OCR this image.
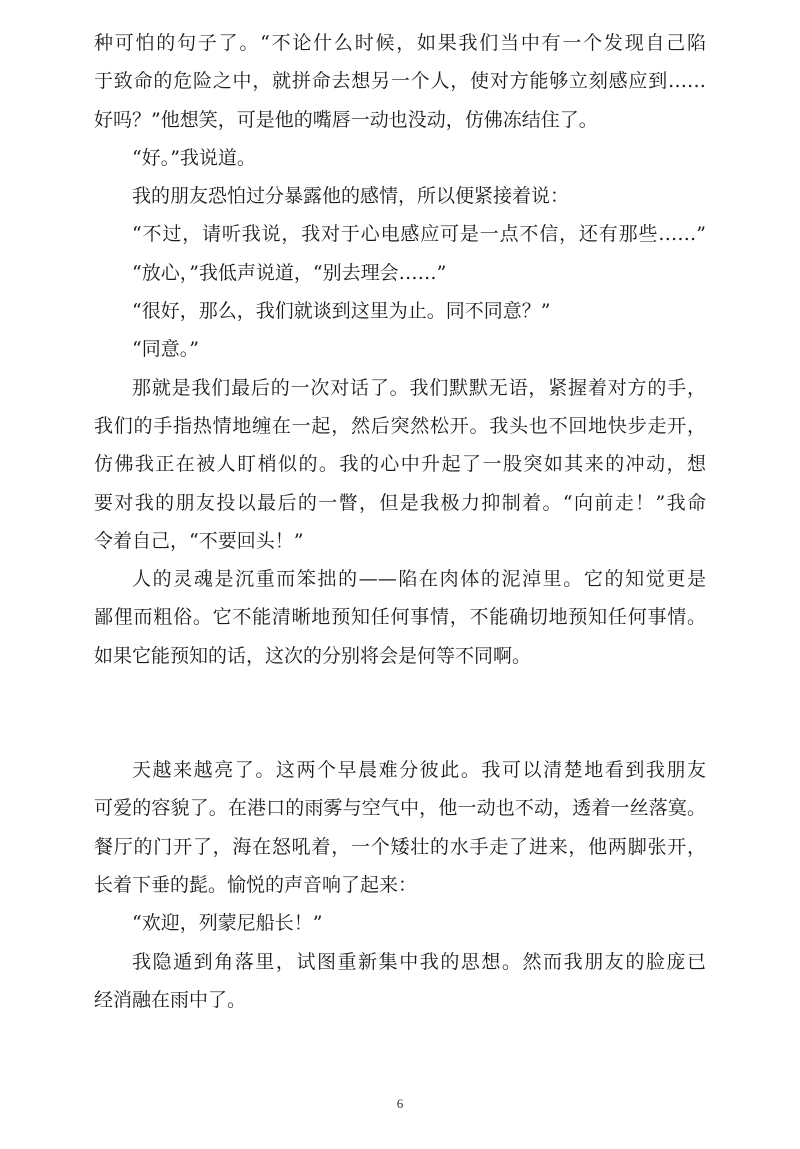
种可怕的句子了。“不论什么时候，如果我们当中有一个发现自己陷
于致命的危险之中，就拼命去想另一个人，使对方能够立刻感应到……
好吗？”他想笑，可是他的嘴唇一动也没动，仿佛冻结住了。
“好。”我说道。
我的朋友恐怕过分暴露他的感情，所以便紧接着说：
“不过，请听我说，我对于心电感应可是一点不信，还有那些……”
“放心，”我低声说道，“别去理会……”
“很好，那么，我们就谈到这里为止。同不同意？”
“同意。”
那就是我们最后的一次对话了。我们默默无语，紧握着对方的手，
我们的手指热情地缠在一起，然后突然松开。我头也不回地快步走开，
仿佛我正在被人盯梢似的。我的心中升起了一股突如其来的冲动，想
要对我的朋友投以最后的一瞥，但是我极力抑制着。“向前走！”我命
令着自己，“不要回头！”
人的灵魂是沉重而笨拙的——陷在肉体的泥淖里。它的知觉更是
鄙俚而粗俗。它不能清晰地预知任何事情，不能确切地预知任何事情。
如果它能预知的话，这次的分别将会是何等不同啊。
天越来越亮了。这两个早晨难分彼此。我可以清楚地看到我朋友
可爱的容貌了。在港口的雨雾与空气中，他一动也不动，透着一丝落寞。
餐厅的门开了，海在怒吼着，一个矮壮的水手走了进来，他两脚张开，
长着下垂的髭。愉悦的声音响了起来：
“欢迎，列蒙尼船长！”
我隐遁到角落里，试图重新集中我的思想。然而我朋友的脸庞已
经消融在雨中了。
6
